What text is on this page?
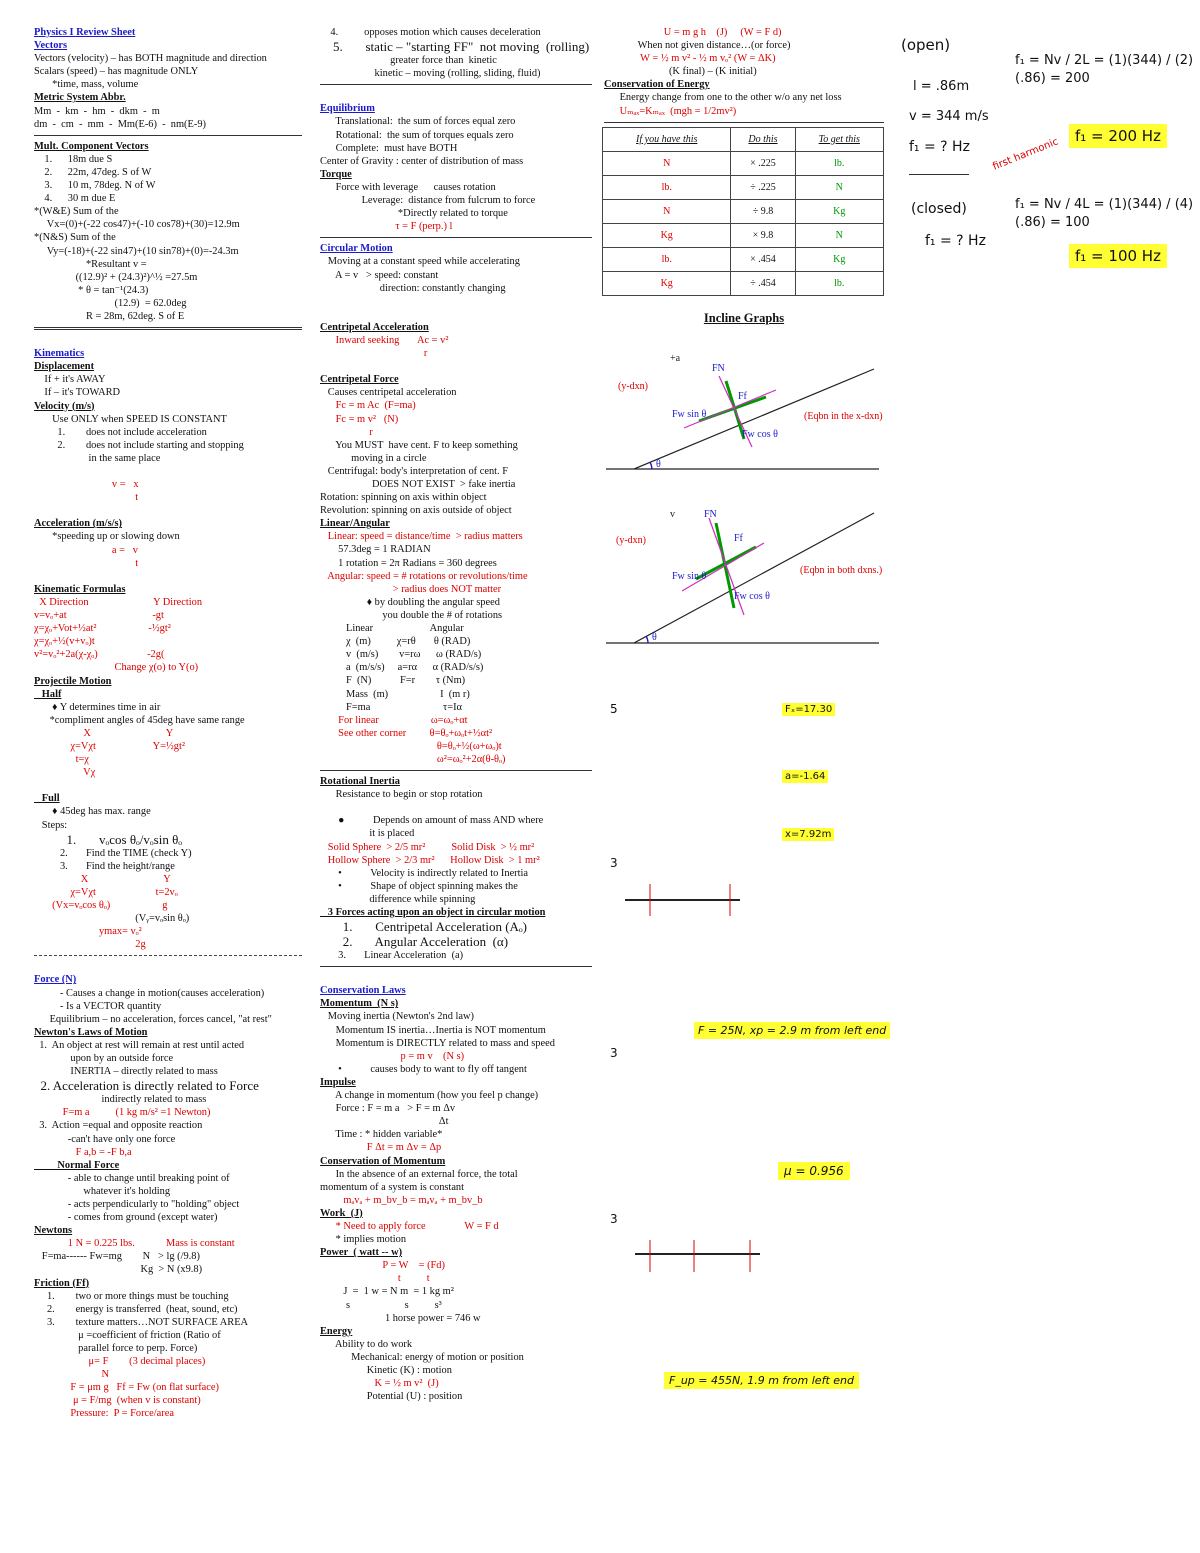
Physics I Review Sheet
Vectors
Vectors (velocity) – has BOTH magnitude and direction
Scalars (speed) – has magnitude ONLY
*time, mass, volume
Metric System Abbr.
Mm  -  km  -  hm  -  dkm  -  m
dm  -  cm  -  mm  -  Mm(E-6)  -  nm(E-9)
Mult. Component Vectors
1.      18m due S
2.      22m, 47deg. S of W
3.      10 m, 78deg. N of W
4.      30 m due E
*(W&E) Sum of the
Vx=(0)+(-22 cos47)+(-10 cos78)+(30)=12.9m
*(N&S) Sum of the
Vy=(-18)+(-22 sin47)+(10 sin78)+(0)=-24.3m
*Resultant v =
((12.9)² + (24.3)²)^½ =27.5m
* θ = tan⁻¹(24.3)
(12.9)  = 62.0deg
R = 28m, 62deg. S of E
Kinematics
Displacement
If + it's AWAY
If – it's TOWARD
Velocity (m/s)
Use ONLY when SPEED IS CONSTANT
1.        does not include acceleration
2.        does not include starting and stopping
in the same place
v =   x
t
Acceleration (m/s/s)
*speeding up or slowing down
a =   v
t
Kinematic Formulas
X Direction                         Y Direction
v=vₒ+at                                 -gt
χ=χₒ+Vot+½at²                    -½gt²
χ=χₒ+½(v+vₒ)t
v²=vₒ²+2a(χ-χₒ)                   -2g(
Change χ(o) to Y(o)
Projectile Motion
Half
♦ Y determines time in air
*compliment angles of 45deg have same range
X                             Y
χ=Vχt                      Y=½gt²
t=χ
Vχ
Full
♦ 45deg has max. range
Steps:
1.       vₒcos θₒ/vₒsin θₒ
2.       Find the TIME (check Y)
3.       Find the height/range
X                             Y
χ=Vχt                       t=2vₒ
(Vx=vₒcos θₒ)                    g
(Vᵧ=vₒsin θₒ)
ymax= vₒ²
2g
Force (N)
- Causes a change in motion(causes acceleration)
- Is a VECTOR quantity
Equilibrium – no acceleration, forces cancel, "at rest"
Newton's Laws of Motion
1.  An object at rest will remain at rest until acted
upon by an outside force
INERTIA – directly related to mass
2. Acceleration is directly related to Force
indirectly related to mass
F=m a          (1 kg m/s² =1 Newton)
3.  Action =equal and opposite reaction
-can't have only one force
F a,b = -F b,a
Normal Force
- able to change until breaking point of
whatever it's holding
- acts perpendicularly to "holding" object
- comes from ground (except water)
Newtons
1 N = 0.225 lbs.            Mass is constant
F=ma------ Fw=mg        N   > lg (/9.8)
Kg  > N (x9.8)
Friction (Ff)
1.        two or more things must be touching
2.        energy is transferred  (heat, sound, etc)
3.        texture matters…NOT SURFACE AREA
μ =coefficient of friction (Ratio of
parallel force to perp. Force)
μ= F        (3 decimal places)
N
F = μm g   Ff = Fw (on flat surface)
μ = F/mg  (when v is constant)
Pressure:  P = Force/area
4.          opposes motion which causes deceleration
5.       static – "starting FF"  not moving  (rolling)
greater force than  kinetic
kinetic – moving (rolling, sliding, fluid)
Equilibrium
Translational:  the sum of forces equal zero
Rotational:  the sum of torques equals zero
Complete:  must have BOTH
Center of Gravity : center of distribution of mass
Torque
Force with leverage      causes rotation
Leverage:  distance from fulcrum to force
*Directly related to torque
τ = F (perp.) l
Circular Motion
Moving at a constant speed while accelerating
A = v   > speed: constant
direction: constantly changing
Centripetal Acceleration
Inward seeking       Ac = v²
r
Centripetal Force
Causes centripetal acceleration
Fc = m Ac  (F=ma)
Fc = m v²   (N)
r
You MUST  have cent. F to keep something
moving in a circle
Centrifugal: body's interpretation of cent. F
DOES NOT EXIST  > fake inertia
Rotation: spinning on axis within object
Revolution: spinning on axis outside of object
Linear/Angular
Linear: speed = distance/time  > radius matters
57.3deg = 1 RADIAN
1 rotation = 2π Radians = 360 degrees
Angular: speed = # rotations or revolutions/time
> radius does NOT matter
♦ by doubling the angular speed
you double the # of rotations
Linear                      Angular
χ  (m)          χ=rθ       θ (RAD)
v  (m/s)        v=rω      ω (RAD/s)
a  (m/s/s)     a=rα      α (RAD/s/s)
F  (N)           F=r        τ (Nm)
Mass  (m)                    I  (m r)
F=ma                            τ=Iα
For linear                    ω=ωₒ+αt
See other corner         θ=θₒ+ωₒt+½αt²
θ=θₒ+½(ω+ωₒ)t
ω²=ωₒ²+2α(θ-θₒ)
Rotational Inertia
Resistance to begin or stop rotation
●           Depends on amount of mass AND where
it is placed
Solid Sphere  > 2/5 mr²          Solid Disk  > ½ mr²
Hollow Sphere  > 2/3 mr²      Hollow Disk  > 1 mr²
•           Velocity is indirectly related to Inertia
•           Shape of object spinning makes the
difference while spinning
3 Forces acting upon an object in circular motion
1.       Centripetal Acceleration (Aₒ)
2.       Angular Acceleration  (α)
3.       Linear Acceleration  (a)
Conservation Laws
Momentum  (N s)
Moving inertia (Newton's 2nd law)
Momentum IS inertia…Inertia is NOT momentum
Momentum is DIRECTLY related to mass and speed
p = m v    (N s)
•           causes body to want to fly off tangent
Impulse
A change in momentum (how you feel p change)
Force : F = m a   > F = m Δv
Δt
Time : * hidden variable*
F Δt = m Δv = Δp
Conservation of Momentum
In the absence of an external force, the total
momentum of a system is constant
mₐvₐ + m_bv_b = mₐvₐ + m_bv_b
Work  (J)
* Need to apply force               W = F d
* implies motion
Power  ( watt -- w)
P = W    = (Fd)
t          t
J  =  1 w = N m  = 1 kg m²
s                     s          s³
1 horse power = 746 w
Energy
Ability to do work
Mechanical: energy of motion or position
Kinetic (K) : motion
K = ½ m v²  (J)
Potential (U) : position
U = m g h    (J)     (W = F d)
When not given distance…(or force)
W = ½ m v² - ½ m vₒ² (W = ΔK)
(K final) – (K initial)
Conservation of Energy
Energy change from one to the other w/o any net loss
Uₘₐₓ=Kₘₐₓ  (mgh = 1/2mv²)
If you have this	Do this	To get this
N	× .225	lb.
lb.	÷ .225	N
N	÷ 9.8	Kg
Kg	× 9.8	N
lb.	× .454	Kg
Kg	÷ .454	lb.
Incline Graphs
θ
FN
Ff
Fw sin θ
Fw cos θ
+a
(y-dxn)
(Eqbn in the x-dxn)
θ
FN
Ff
Fw sin θ
Fw cos θ
v
(y-dxn)
(Eqbn in both dxns.)
5	Fₓ=17.30
a=-1.64
x=7.92m
3
F = 25N, xp = 2.9 m from left end
3
μ = 0.956
3
F_up = 455N, 1.9 m from left end
(open)
l = .86m
v = 344 m/s
f₁ = ? Hz
(closed)
f₁ = ? Hz
f₁ = Nv / 2L = (1)(344) / (2)(.86) = 200
f₁ = 200 Hz
first harmonic
f₁ = Nv / 4L = (1)(344) / (4)(.86) = 100
f₁ = 100 Hz
